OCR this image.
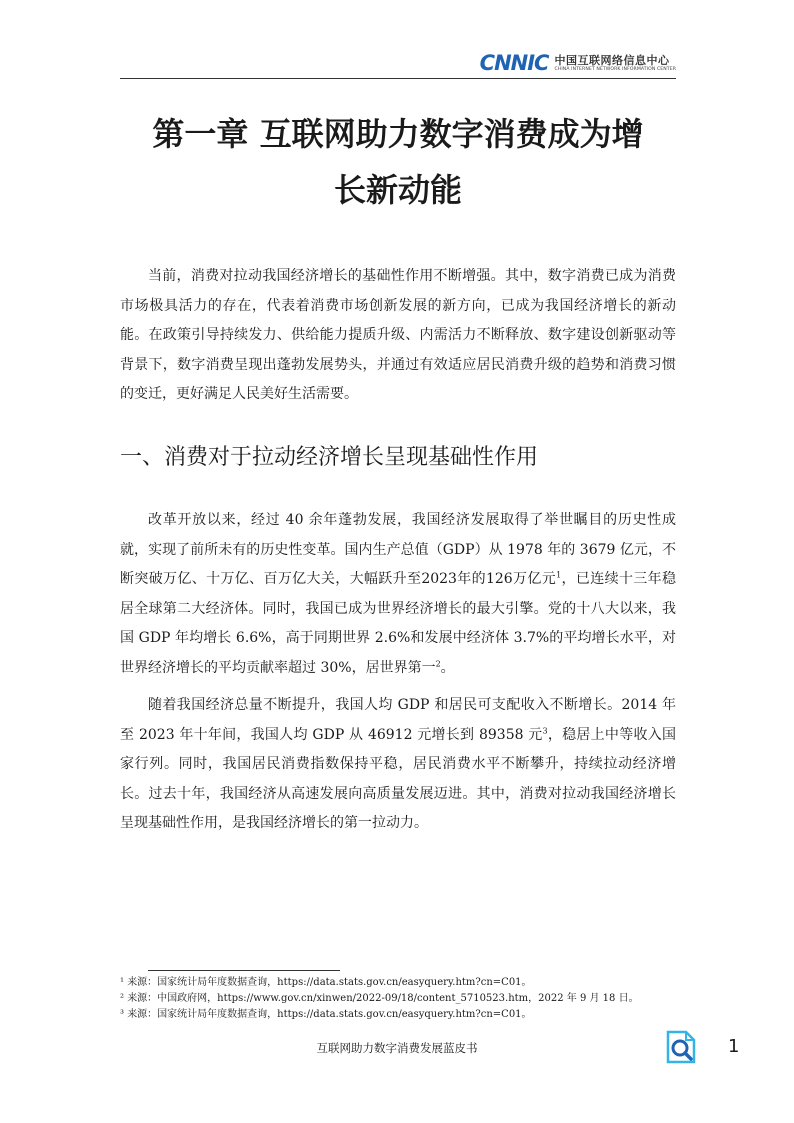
CNNIC 中国互联网络信息中心
CHINA INTERNET NETWORK INFORMATION CENTER
第一章 互联网助力数字消费成为增
长新动能

当前，消费对拉动我国经济增长的基础性作用不断增强。其中，数字消费已成为消费市场极具活力的存在，代表着消费市场创新发展的新方向，已成为我国经济增长的新动能。在政策引导持续发力、供给能力提质升级、内需活力不断释放、数字建设创新驱动等背景下，数字消费呈现出蓬勃发展势头，并通过有效适应居民消费升级的趋势和消费习惯的变迁，更好满足人民美好生活需要。

一、消费对于拉动经济增长呈现基础性作用

改革开放以来，经过 40 余年蓬勃发展，我国经济发展取得了举世瞩目的历史性成就，实现了前所未有的历史性变革。国内生产总值（GDP）从 1978 年的 3679 亿元，不断突破万亿、十万亿、百万亿大关，大幅跃升至2023年的126万亿元$^1$，已连续十三年稳居全球第二大经济体。同时，我国已成为世界经济增长的最大引擎。党的十八大以来，我国 GDP 年均增长 6.6%，高于同期世界 2.6%和发展中经济体 3.7%的平均增长水平，对世界经济增长的平均贡献率超过 30%，居世界第一$^2$。

随着我国经济总量不断提升，我国人均 GDP 和居民可支配收入不断增长。2014 年至 2023 年十年间，我国人均 GDP 从 46912 元增长到 89358 元$^3$，稳居上中等收入国家行列。同时，我国居民消费指数保持平稳，居民消费水平不断攀升，持续拉动经济增长。过去十年，我国经济从高速发展向高质量发展迈进。其中，消费对拉动我国经济增长呈现基础性作用，是我国经济增长的第一拉动力。

¹ 来源：国家统计局年度数据查询，https://data.stats.gov.cn/easyquery.htm?cn=C01。

² 来源：中国政府网，https://www.gov.cn/xinwen/2022-09/18/content_5710523.htm，2022 年 9 月 18 日。

³ 来源：国家统计局年度数据查询，https://data.stats.gov.cn/easyquery.htm?cn=C01。

互联网助力数字消费发展蓝皮书	1
